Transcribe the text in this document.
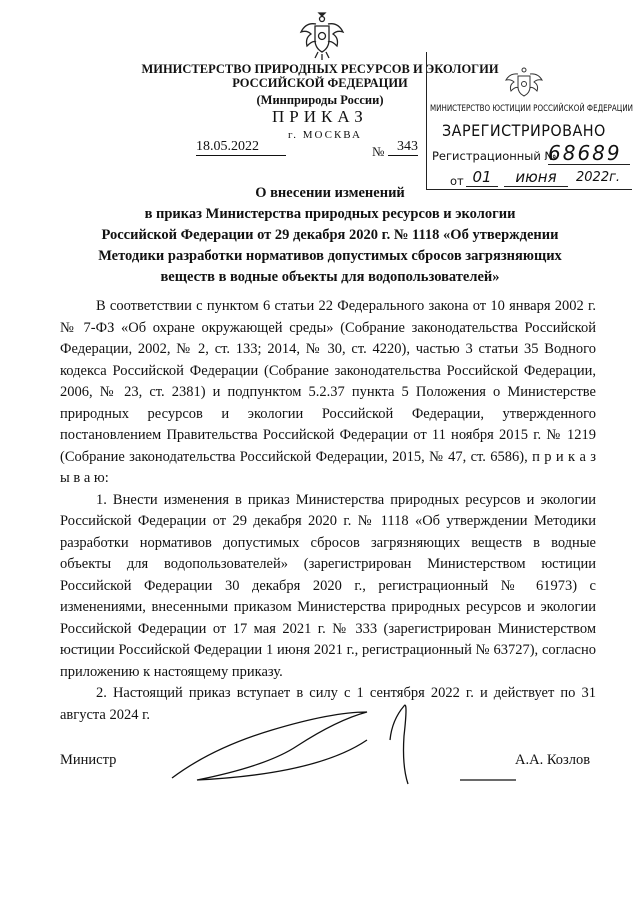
МИНИСТЕРСТВО ПРИРОДНЫХ РЕСУРСОВ И ЭКОЛОГИИ
РОССИЙСКОЙ ФЕДЕРАЦИИ
(Минприроды России)
ПРИКАЗ
г. МОСКВА
18.05.2022	№ 343
МИНИСТЕРСТВО ЮСТИЦИИ РОССИЙСКОЙ ФЕДЕРАЦИИ
ЗАРЕГИСТРИРОВАНО
Регистрационный №
68689
от 01	июня	2022г.
О внесении изменений
в приказ Министерства природных ресурсов и экологии
Российской Федерации от 29 декабря 2020 г. № 1118 «Об утверждении
Методики разработки нормативов допустимых сбросов загрязняющих
веществ в водные объекты для водопользователей»

В соответствии с пунктом 6 статьи 22 Федерального закона от 10 января 2002 г. № 7-ФЗ «Об охране окружающей среды» (Собрание законодательства Российской Федерации, 2002, № 2, ст. 133; 2014, № 30, ст. 4220), частью 3 статьи 35 Водного кодекса Российской Федерации (Собрание законодательства Российской Федерации, 2006, № 23, ст. 2381) и подпунктом 5.2.37 пункта 5 Положения о Министерстве природных ресурсов и экологии Российской Федерации, утвержденного постановлением Правительства Российской Федерации от 11 ноября 2015 г. № 1219 (Собрание законодательства Российской Федерации, 2015, № 47, ст. 6586), п р и к а з ы в а ю:

1. Внести изменения в приказ Министерства природных ресурсов и экологии Российской Федерации от 29 декабря 2020 г. № 1118 «Об утверждении Методики разработки нормативов допустимых сбросов загрязняющих веществ в водные объекты для водопользователей» (зарегистрирован Министерством юстиции Российской Федерации 30 декабря 2020 г., регистрационный № 61973) с изменениями, внесенными приказом Министерства природных ресурсов и экологии Российской Федерации от 17 мая 2021 г. № 333 (зарегистрирован Министерством юстиции Российской Федерации 1 июня 2021 г., регистрационный № 63727), согласно приложению к настоящему приказу.

2. Настоящий приказ вступает в силу с 1 сентября 2022 г. и действует по 31 августа 2024 г.

Министр	А.А. Козлов
